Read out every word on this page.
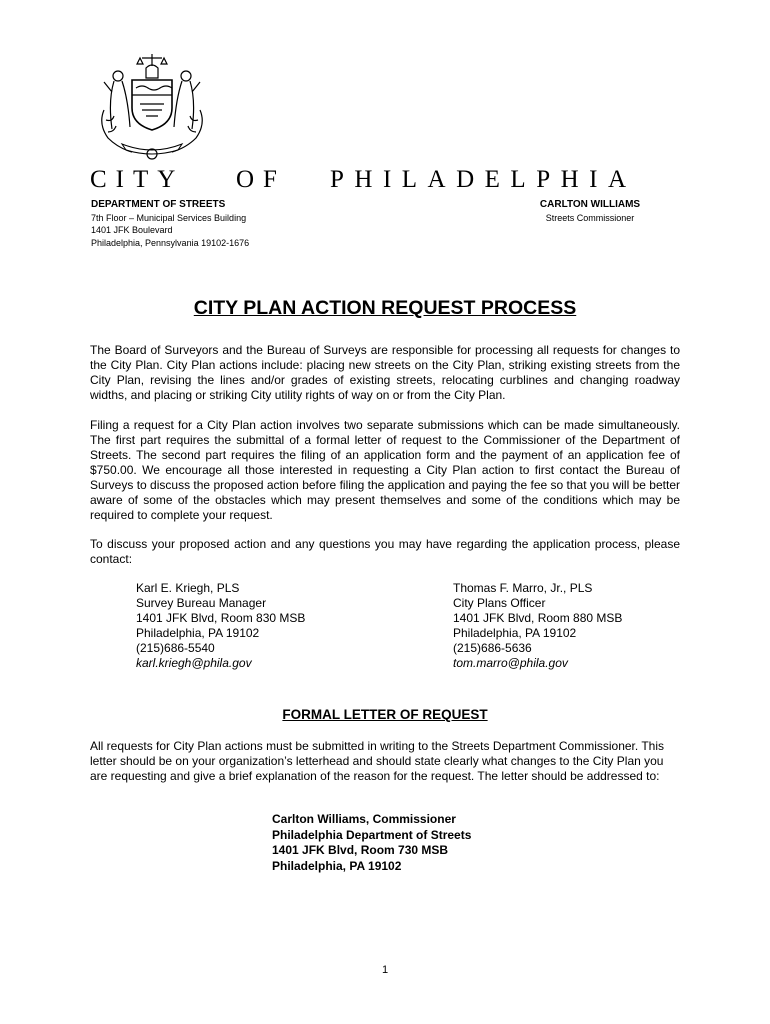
CITY OF PHILADELPHIA
DEPARTMENT OF STREETS
7th Floor – Municipal Services Building
1401 JFK Boulevard
Philadelphia, Pennsylvania 19102-1676
CARLTON WILLIAMS
Streets Commissioner
CITY PLAN ACTION REQUEST PROCESS

The Board of Surveyors and the Bureau of Surveys are responsible for processing all requests for changes to the City Plan. City Plan actions include: placing new streets on the City Plan, striking existing streets from the City Plan, revising the lines and/or grades of existing streets, relocating curblines and changing roadway widths, and placing or striking City utility rights of way on or from the City Plan.

Filing a request for a City Plan action involves two separate submissions which can be made simultaneously. The first part requires the submittal of a formal letter of request to the Commissioner of the Department of Streets. The second part requires the filing of an application form and the payment of an application fee of $750.00. We encourage all those interested in requesting a City Plan action to first contact the Bureau of Surveys to discuss the proposed action before filing the application and paying the fee so that you will be better aware of some of the obstacles which may present themselves and some of the conditions which may be required to complete your request.

To discuss your proposed action and any questions you may have regarding the application process, please contact:

Karl E. Kriegh, PLS
Survey Bureau Manager
1401 JFK Blvd, Room 830 MSB
Philadelphia, PA 19102
(215)686-5540
karl.kriegh@phila.gov
Thomas F. Marro, Jr., PLS
City Plans Officer
1401 JFK Blvd, Room 880 MSB
Philadelphia, PA 19102
(215)686-5636
tom.marro@phila.gov
FORMAL LETTER OF REQUEST

All requests for City Plan actions must be submitted in writing to the Streets Department Commissioner. This letter should be on your organization’s letterhead and should state clearly what changes to the City Plan you are requesting and give a brief explanation of the reason for the request. The letter should be addressed to:

Carlton Williams, Commissioner
Philadelphia Department of Streets
1401 JFK Blvd, Room 730 MSB
Philadelphia, PA 19102
1
